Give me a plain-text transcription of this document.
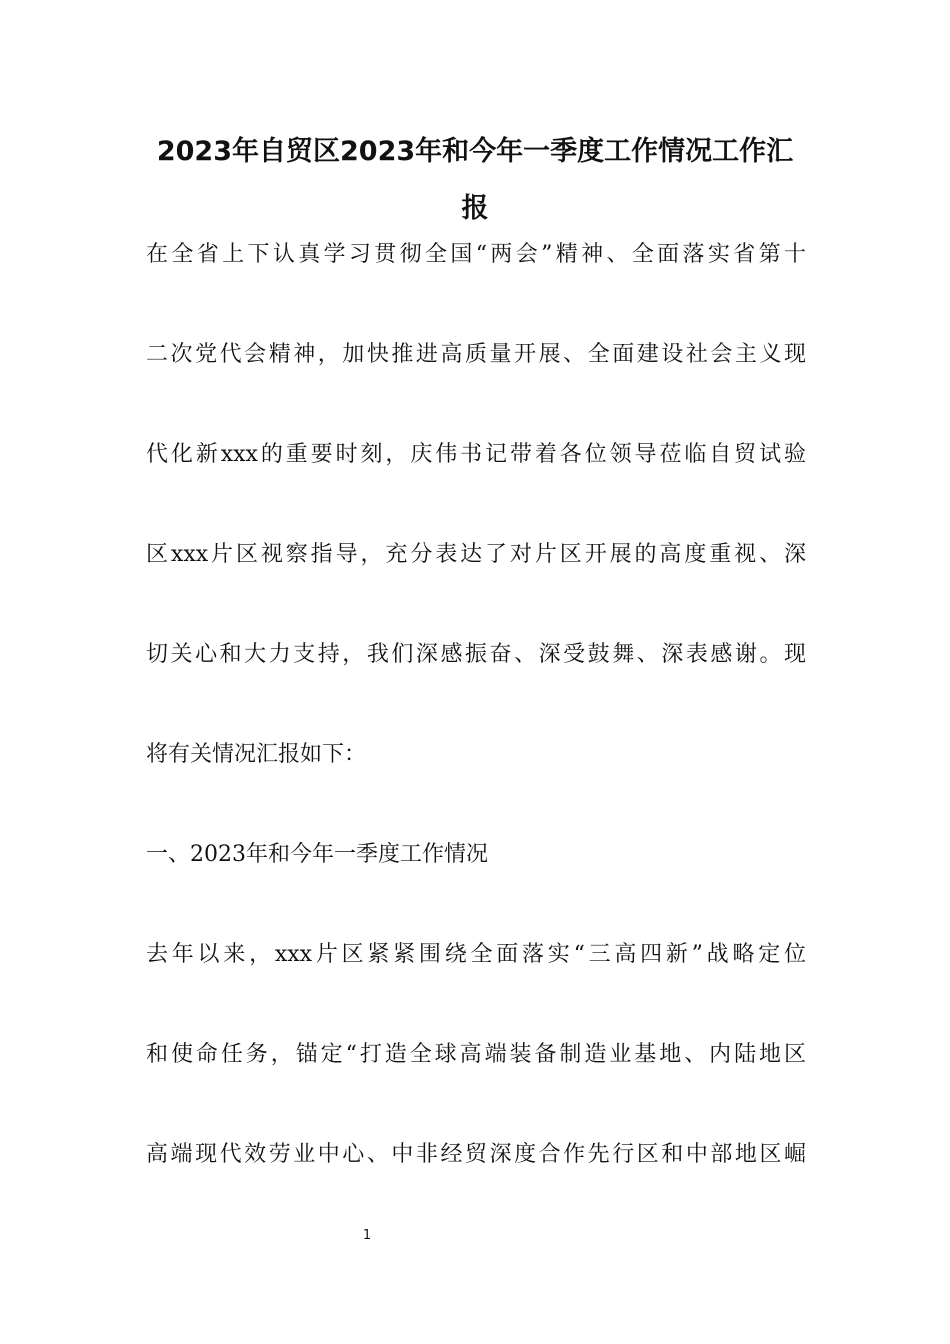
2023年自贸区2023年和今年一季度工作情况工作汇
报

在全省上下认真学习贯彻全国“两会”精神、全面落实省第十

二次党代会精神，加快推进高质量开展、全面建设社会主义现

代化新xxx的重要时刻，庆伟书记带着各位领导莅临自贸试验

区xxx片区视察指导，充分表达了对片区开展的高度重视、深

切关心和大力支持，我们深感振奋、深受鼓舞、深表感谢。现

将有关情况汇报如下：

一、2023年和今年一季度工作情况

去年以来，xxx片区紧紧围绕全面落实“三高四新”战略定位

和使命任务，锚定“打造全球高端装备制造业基地、内陆地区

高端现代效劳业中心、中非经贸深度合作先行区和中部地区崛

1
